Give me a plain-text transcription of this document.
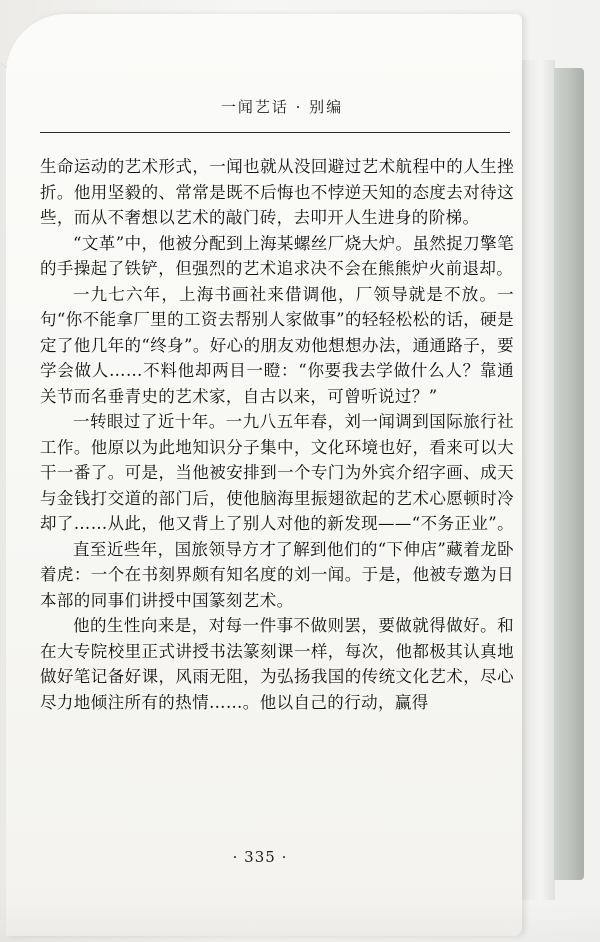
一闻艺话 · 别编

生命运动的艺术形式，一闻也就从没回避过艺术航程中的人生挫折。他用坚毅的、常常是既不后悔也不悖逆天知的态度去对待这些，而从不奢想以艺术的敲门砖，去叩开人生进身的阶梯。

“文革”中，他被分配到上海某螺丝厂烧大炉。虽然捉刀擎笔的手操起了铁铲，但强烈的艺术追求决不会在熊熊炉火前退却。

一九七六年，上海书画社来借调他，厂领导就是不放。一句“你不能拿厂里的工资去帮别人家做事”的轻轻松松的话，硬是定了他几年的“终身”。好心的朋友劝他想想办法，通通路子，要学会做人……不料他却两目一瞪：“你要我去学做什么人？靠通关节而名垂青史的艺术家，自古以来，可曾听说过？”

一转眼过了近十年。一九八五年春，刘一闻调到国际旅行社工作。他原以为此地知识分子集中，文化环境也好，看来可以大干一番了。可是，当他被安排到一个专门为外宾介绍字画、成天与金钱打交道的部门后，使他脑海里振翅欲起的艺术心愿顿时冷却了……从此，他又背上了别人对他的新发现——“不务正业”。

直至近些年，国旅领导方才了解到他们的“下伸店”藏着龙卧着虎：一个在书刻界颇有知名度的刘一闻。于是，他被专邀为日本部的同事们讲授中国篆刻艺术。

他的生性向来是，对每一件事不做则罢，要做就得做好。和在大专院校里正式讲授书法篆刻课一样，每次，他都极其认真地做好笔记备好课，风雨无阻，为弘扬我国的传统文化艺术，尽心尽力地倾注所有的热情……。他以自己的行动，赢得

· 335 ·
